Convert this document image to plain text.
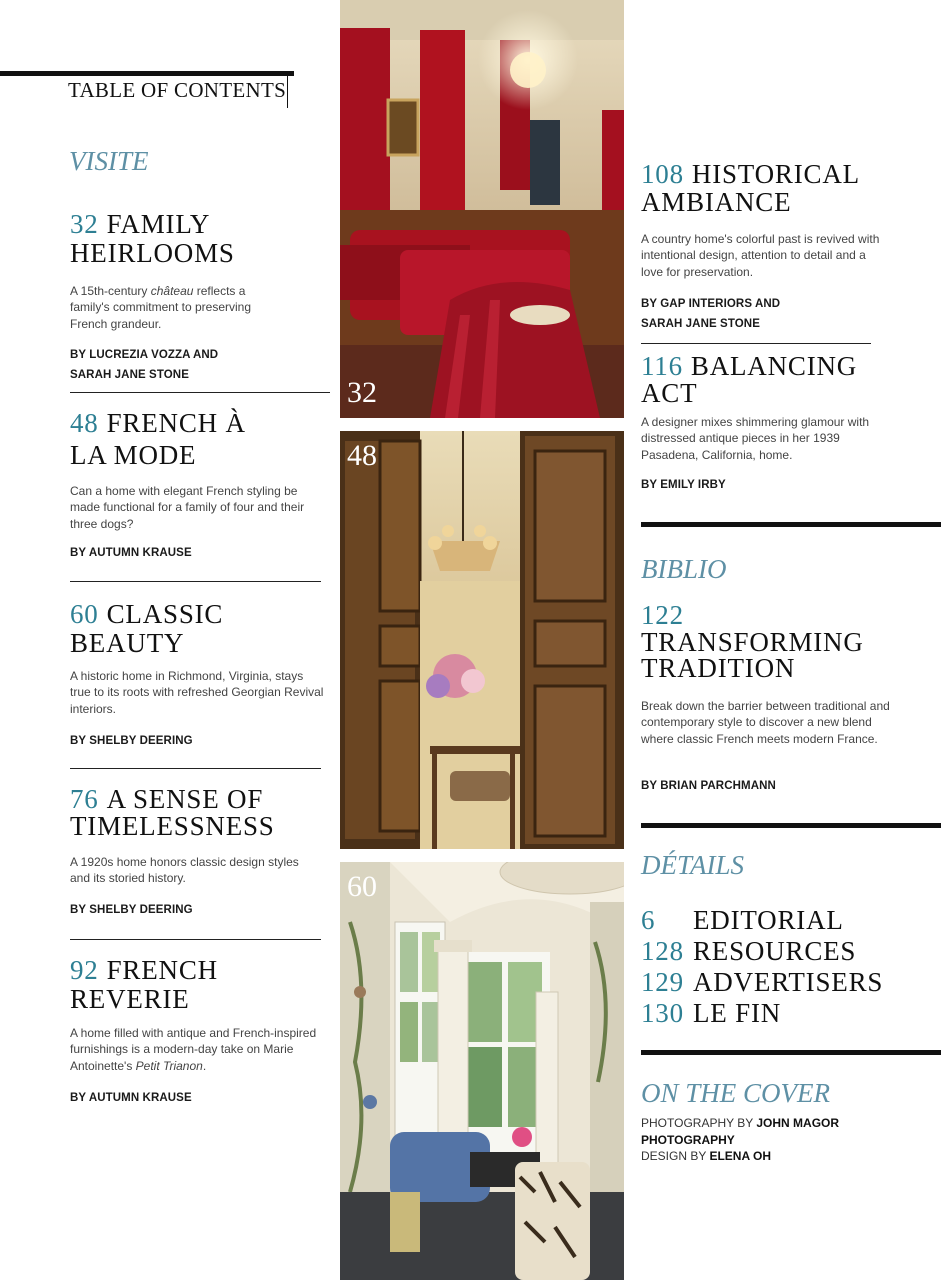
TABLE OF CONTENTS
VISITE
32 FAMILY
HEIRLOOMS
A 15th-century château reflects a family's commitment to preserving French grandeur.
BY LUCREZIA VOZZA AND
SARAH JANE STONE
48 FRENCH À
LA MODE
Can a home with elegant French styling be made functional for a family of four and their three dogs?
BY AUTUMN KRAUSE
60 CLASSIC
BEAUTY
A historic home in Richmond, Virginia, stays true to its roots with refreshed Georgian Revival interiors.
BY SHELBY DEERING
76 A SENSE OF
TIMELESSNESS
A 1920s home honors classic design styles and its storied history.
BY SHELBY DEERING
92 FRENCH
REVERIE
A home filled with antique and French-inspired furnishings is a modern-day take on Marie Antoinette's Petit Trianon.
BY AUTUMN KRAUSE
32
48
60
108 HISTORICAL
AMBIANCE
A country home's colorful past is revived with intentional design, attention to detail and a love for preservation.
BY GAP INTERIORS AND
SARAH JANE STONE
116 BALANCING
ACT
A designer mixes shimmering glamour with distressed antique pieces in her 1939 Pasadena, California, home.
BY EMILY IRBY
BIBLIO
122
TRANSFORMING
TRADITION
Break down the barrier between traditional and contemporary style to discover a new blend where classic French meets modern France.
BY BRIAN PARCHMANN
DÉTAILS
6 EDITORIAL
128 RESOURCES
129 ADVERTISERS
130 LE FIN
ON THE COVER
PHOTOGRAPHY BY JOHN MAGOR
PHOTOGRAPHY
DESIGN BY ELENA OH
